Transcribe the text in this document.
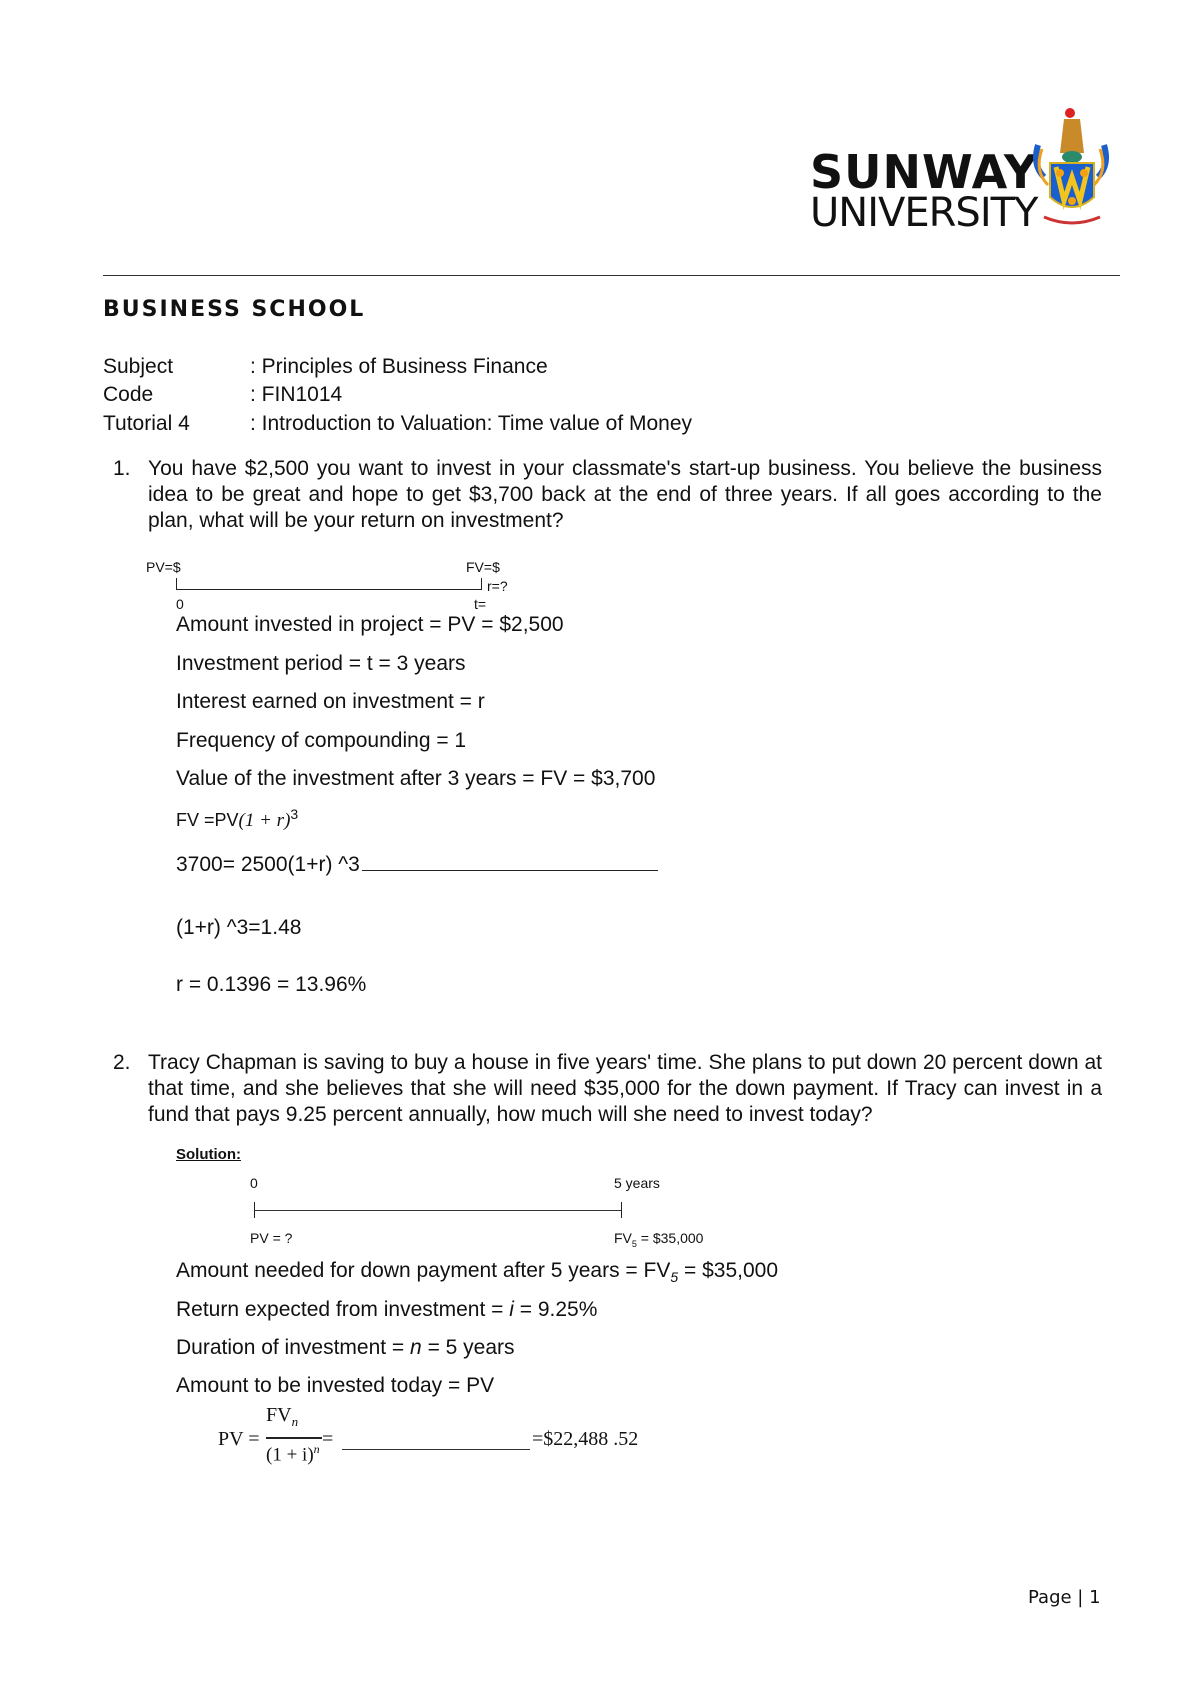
SUNWAY
UNIVERSITY
BUSINESS SCHOOL
Subject	: Principles of Business Finance
Code	: FIN1014
Tutorial 4	: Introduction to Valuation: Time value of Money
1. You have $2,500 you want to invest in your classmate's start-up business. You believe the business idea to be great and hope to get $3,700 back at the end of three years. If all goes according to the plan, what will be your return on investment?
PV=$	FV=$
r=?
0	t=
Amount invested in project = PV = $2,500
Investment period = t = 3 years
Interest earned on investment = r
Frequency of compounding = 1
Value of the investment after 3 years = FV = $3,700
FV $=PV(1 + r)^3$
3700= 2500(1+r) ^3
(1+r) ^3=1.48
r = 0.1396 = 13.96%
2. Tracy Chapman is saving to buy a house in five years' time. She plans to put down 20 percent down at that time, and she believes that she will need $35,000 for the down payment. If Tracy can invest in a fund that pays 9.25 percent annually, how much will she need to invest today?
Solution:
0	5 years
PV = ?	$FV_5$ = $35,000
Amount needed for down payment after 5 years = $FV_5$ = $35,000
Return expected from investment = i = 9.25%
Duration of investment = n = 5 years
Amount to be invested today = PV
PV =
$FV_n$
$(1 + i)^n$ =	=$22,488 .52
Page | 1
